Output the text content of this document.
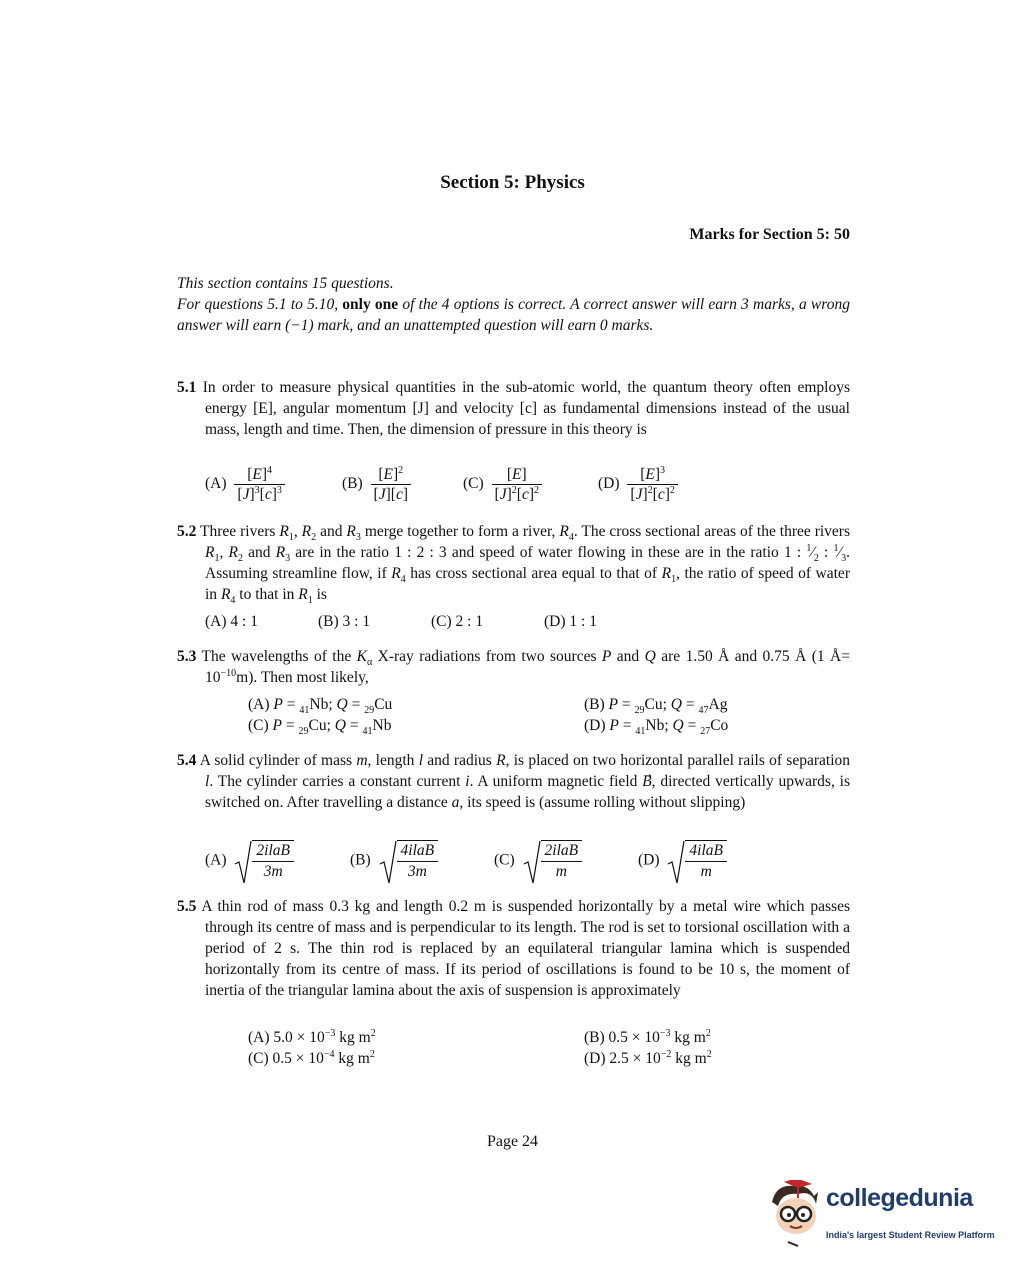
Section 5: Physics
Marks for Section 5: 50
This section contains 15 questions.
For questions 5.1 to 5.10, only one of the 4 options is correct. A correct answer will earn 3 marks, a wrong answer will earn (−1) mark, and an unattempted question will earn 0 marks.
5.1 In order to measure physical quantities in the sub-atomic world, the quantum theory often employs energy [E], angular momentum [J] and velocity [c] as fundamental dimensions instead of the usual mass, length and time. Then, the dimension of pressure in this theory is
$(A) \frac{[E]^4}{[J]^3[c]^3}$	$(B) \frac{[E]^2}{[J][c]}$	$(C) \frac{[E]}{[J]^2[c]^2}$	$(D) \frac{[E]^3}{[J]^2[c]^2}$
5.2 Three rivers $R_1$, $R_2$ and $R_3$ merge together to form a river, $R_4$. The cross sectional areas of the three rivers $R_1$, $R_2$ and $R_3$ are in the ratio 1 : 2 : 3 and speed of water flowing in these are in the ratio 1 : $^1⁄_2$ : $^1⁄_3$. Assuming streamline flow, if $R_4$ has cross sectional area equal to that of $R_1$, the ratio of speed of water in $R_4$ to that in $R_1$ is
(A) 4 : 1	(B) 3 : 1	(C) 2 : 1	(D) 1 : 1
5.3 The wavelengths of the $K_\alpha$ X-ray radiations from two sources P and Q are 1.50 Å and 0.75 Å (1 Å= $10^{-10}m$). Then most likely,
(A) P = $_{41}$Nb; Q = $_{29}$Cu	(B) P = $_{29}$Cu; Q = $_{47}$Ag
(C) P = $_{29}$Cu; Q = $_{41}$Nb	(D) P = $_{41}$Nb; Q = $_{27}$Co
5.4 A solid cylinder of mass m, length l and radius R, is placed on two horizontal parallel rails of separation l. The cylinder carries a constant current i. A uniform magnetic field B⃗, directed vertically upwards, is switched on. After travelling a distance a, its speed is (assume rolling without slipping)
(A)
2ilaB
3m
(B)
4ilaB
3m
(C)
2ilaB
m
(D)
4ilaB
m
5.5 A thin rod of mass 0.3 kg and length 0.2 m is suspended horizontally by a metal wire which passes through its centre of mass and is perpendicular to its length. The rod is set to torsional oscillation with a period of 2 s. The thin rod is replaced by an equilateral triangular lamina which is suspended horizontally from its centre of mass. If its period of oscillations is found to be 10 s, the moment of inertia of the triangular lamina about the axis of suspension is approximately
(A) $5.0 \times 10^{-3}$ kg $m^2$	(B) $0.5 \times 10^{-3}$ kg $m^2$
(C) $0.5 \times 10^{-4}$ kg $m^2$	(D) $2.5 \times 10^{-2}$ kg $m^2$
Page 24
collegedunia
India's largest Student Review Platform
